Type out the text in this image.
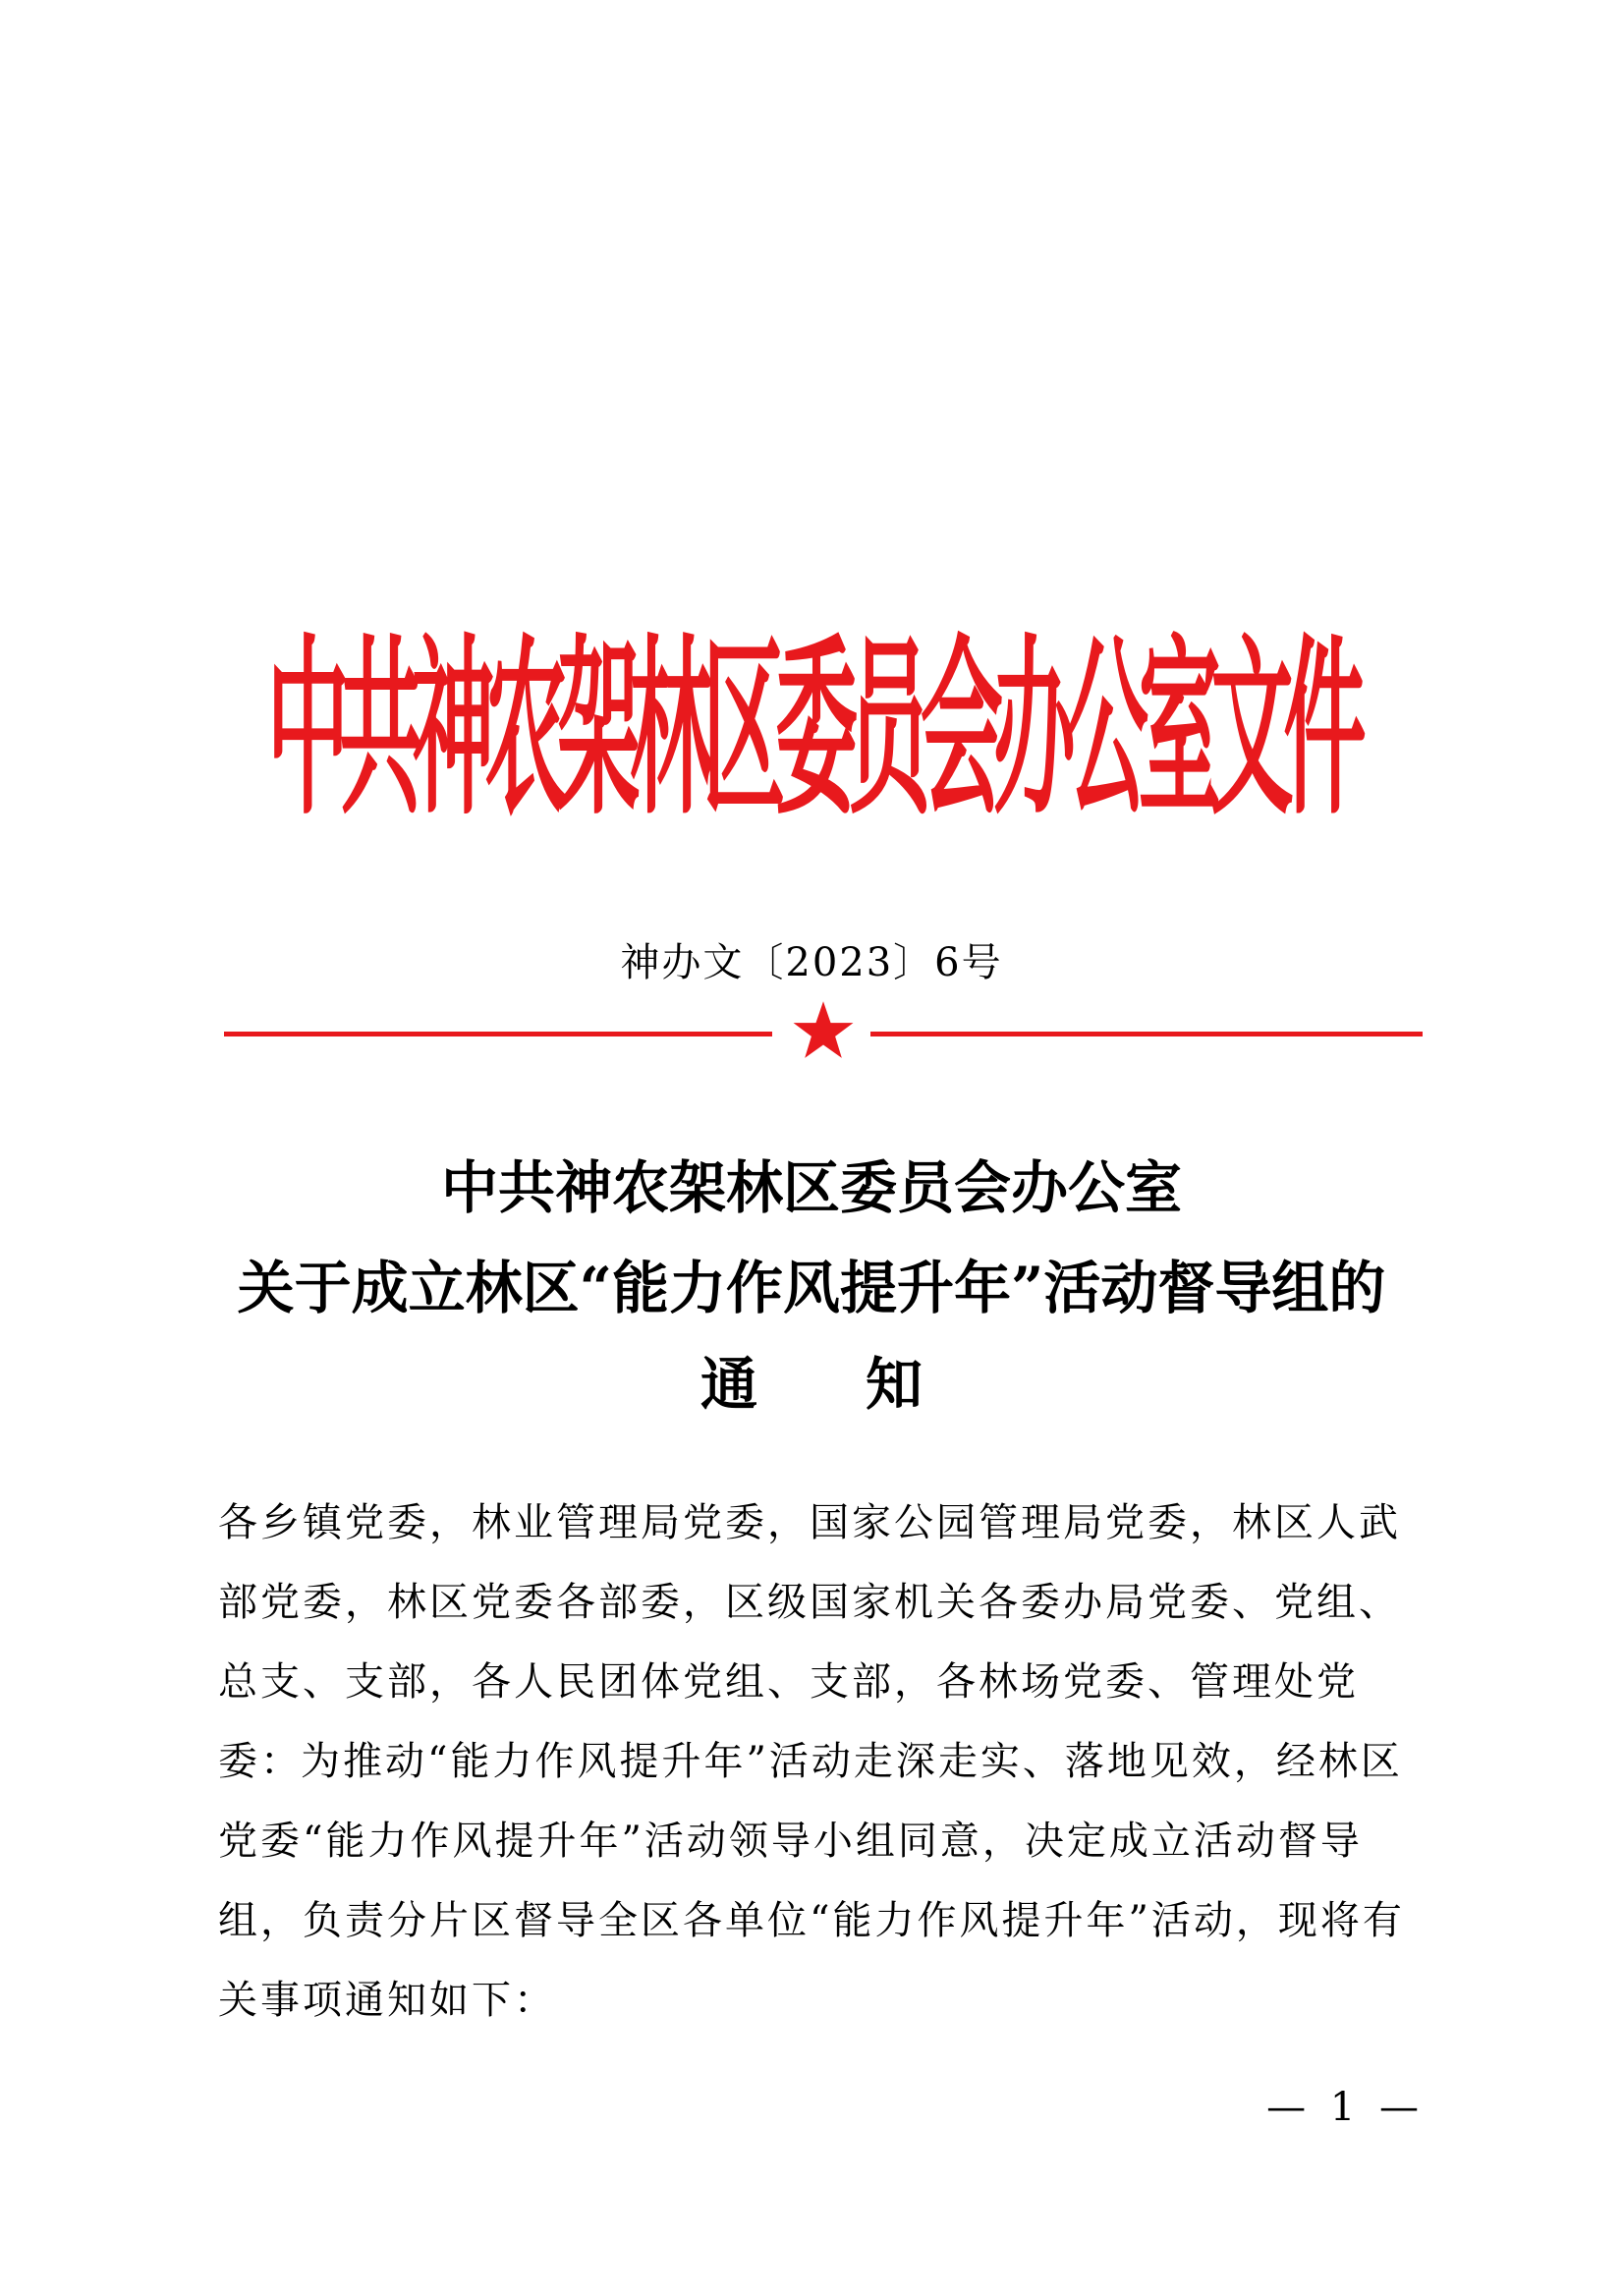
中共神农架林区委员会办公室文件
神办文〔2023〕6号
中共神农架林区委员会办公室
关于成立林区“能力作风提升年”活动督导组的
通知
各乡镇党委，林业管理局党委，国家公园管理局党委，林区人武部党委，林区党委各部委，区级国家机关各委办局党委、党组、总支、支部，各人民团体党组、支部，各林场党委、管理处党委：
为推动“能力作风提升年”活动走深走实、落地见效，经林区党委“能力作风提升年”活动领导小组同意，决定成立活动督导组，负责分片区督导全区各单位“能力作风提升年”活动，现将有关事项通知如下：
— 1 —
